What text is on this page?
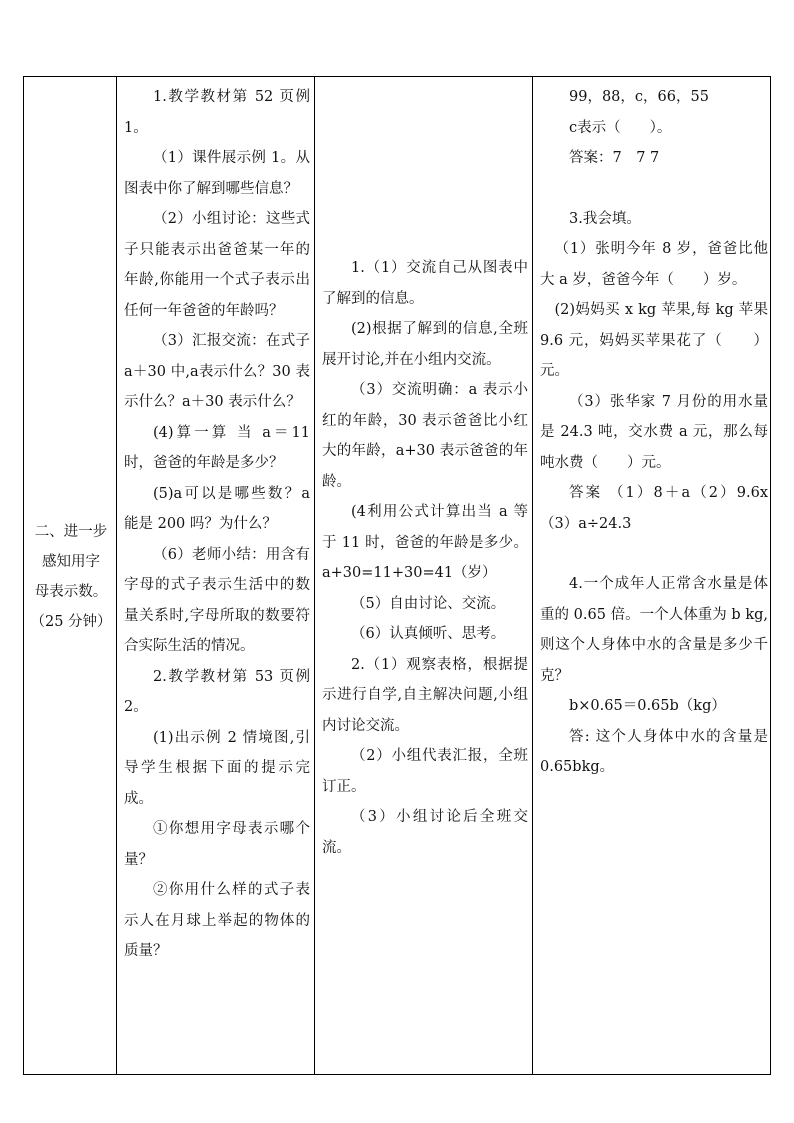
二、进一步
感知用字
母表示数。
（25 分钟）

1.教学教材第 52 页例 1。

（1）课件展示例 1。从图表中你了解到哪些信息？

（2）小组讨论：这些式子只能表示出爸爸某一年的年龄,你能用一个式子表示出任何一年爸爸的年龄吗？

（3）汇报交流：在式子 a＋30 中,a表示什么？30 表示什么？a＋30 表示什么？

(4)算一算 当 a＝11 时，爸爸的年龄是多少？

(5)a可以是哪些数？a 能是 200 吗？为什么？

（6）老师小结：用含有字母的式子表示生活中的数量关系时,字母所取的数要符合实际生活的情况。

2.教学教材第 53 页例 2。

(1)出示例 2 情境图,引导学生根据下面的提示完成。

①你想用字母表示哪个量？

②你用什么样的式子表示人在月球上举起的物体的质量？

1.（1）交流自己从图表中了解到的信息。

(2)根据了解到的信息,全班展开讨论,并在小组内交流。

（3）交流明确：a 表示小红的年龄，30 表示爸爸比小红大的年龄，a+30 表示爸爸的年龄。

(4利用公式计算出当 a 等于 11 时，爸爸的年龄是多少。a+30=11+30=41（岁）

（5）自由讨论、交流。

（6）认真倾听、思考。

2.（1）观察表格，根据提示进行自学,自主解决问题,小组内讨论交流。

（2）小组代表汇报，全班订正。

（3）小组讨论后全班交流。

99，88，c，66，55

c表示（　　）。

答案：7　7 7

3.我会填。

（1）张明今年 8 岁，爸爸比他大 a 岁，爸爸今年（　　）岁。

(2)妈妈买 x kg 苹果,每 kg 苹果 9.6 元，妈妈买苹果花了（　　）元。

（3）张华家 7 月份的用水量是 24.3 吨，交水费 a 元，那么每吨水费（　　）元。

答案 （1）8＋a（2）9.6x（3）a÷24.3

4.一个成年人正常含水量是体重的 0.65 倍。一个人体重为 b kg,则这个人身体中水的含量是多少千克？

b×0.65＝0.65b（kg）

答: 这个人身体中水的含量是 0.65bkg。
